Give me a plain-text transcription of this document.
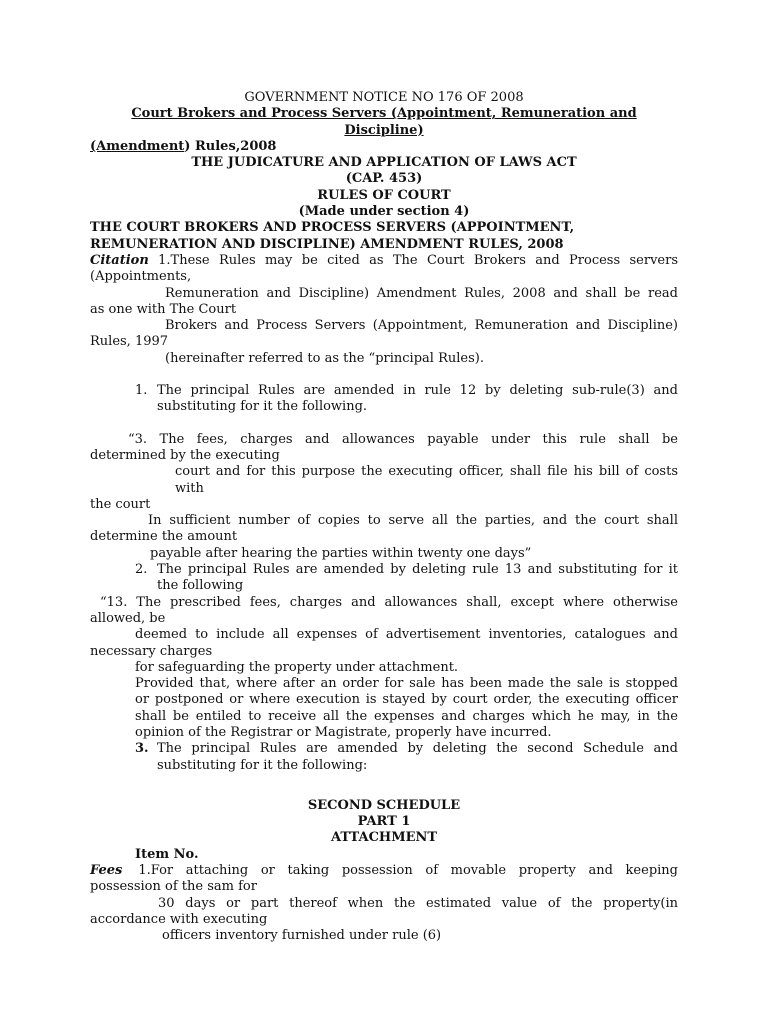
GOVERNMENT NOTICE NO 176 OF 2008

Court Brokers and Process Servers (Appointment, Remuneration and Discipline)

(Amendment) Rules,2008

THE JUDICATURE AND APPLICATION OF LAWS ACT

(CAP. 453)

RULES OF COURT

(Made under section 4)

THE COURT BROKERS AND PROCESS SERVERS (APPOINTMENT,

REMUNERATION AND DISCIPLINE) AMENDMENT RULES, 2008

Citation 1.These Rules may be cited as The Court Brokers and Process servers

(Appointments,

Remuneration and Discipline) Amendment Rules, 2008 and shall be read

as one with The Court

Brokers and Process Servers (Appointment, Remuneration and Discipline)

Rules, 1997

(hereinafter referred to as the “principal Rules).

1. The principal Rules are amended in rule 12 by deleting sub-rule(3) and

substituting for it the following.

“3. The fees, charges and allowances payable under this rule shall be

determined by the executing

court and for this purpose the executing officer, shall file his bill of costs with

the court

In sufficient number of copies to serve all the parties, and the court shall

determine the amount

payable after hearing the parties within twenty one days”

2. The principal Rules are amended by deleting rule 13 and substituting for it

the following

“13. The prescribed fees, charges and allowances shall, except where otherwise

allowed, be

deemed to include all expenses of advertisement inventories, catalogues and

necessary charges

for safeguarding the property under attachment.

Provided that, where after an order for sale has been made the sale is stopped

or postponed or where execution is stayed by court order, the executing officer

shall be entiled to receive all the expenses and charges which he may, in the

opinion of the Registrar or Magistrate, properly have incurred.

3. The principal Rules are amended by deleting the second Schedule and

substituting for it the following:

SECOND SCHEDULE

PART 1

ATTACHMENT

Item No.

Fees 1.For attaching or taking possession of movable property and keeping

possession of the sam for

30 days or part thereof when the estimated value of the property(in

accordance with executing

officers inventory furnished under rule (6)
